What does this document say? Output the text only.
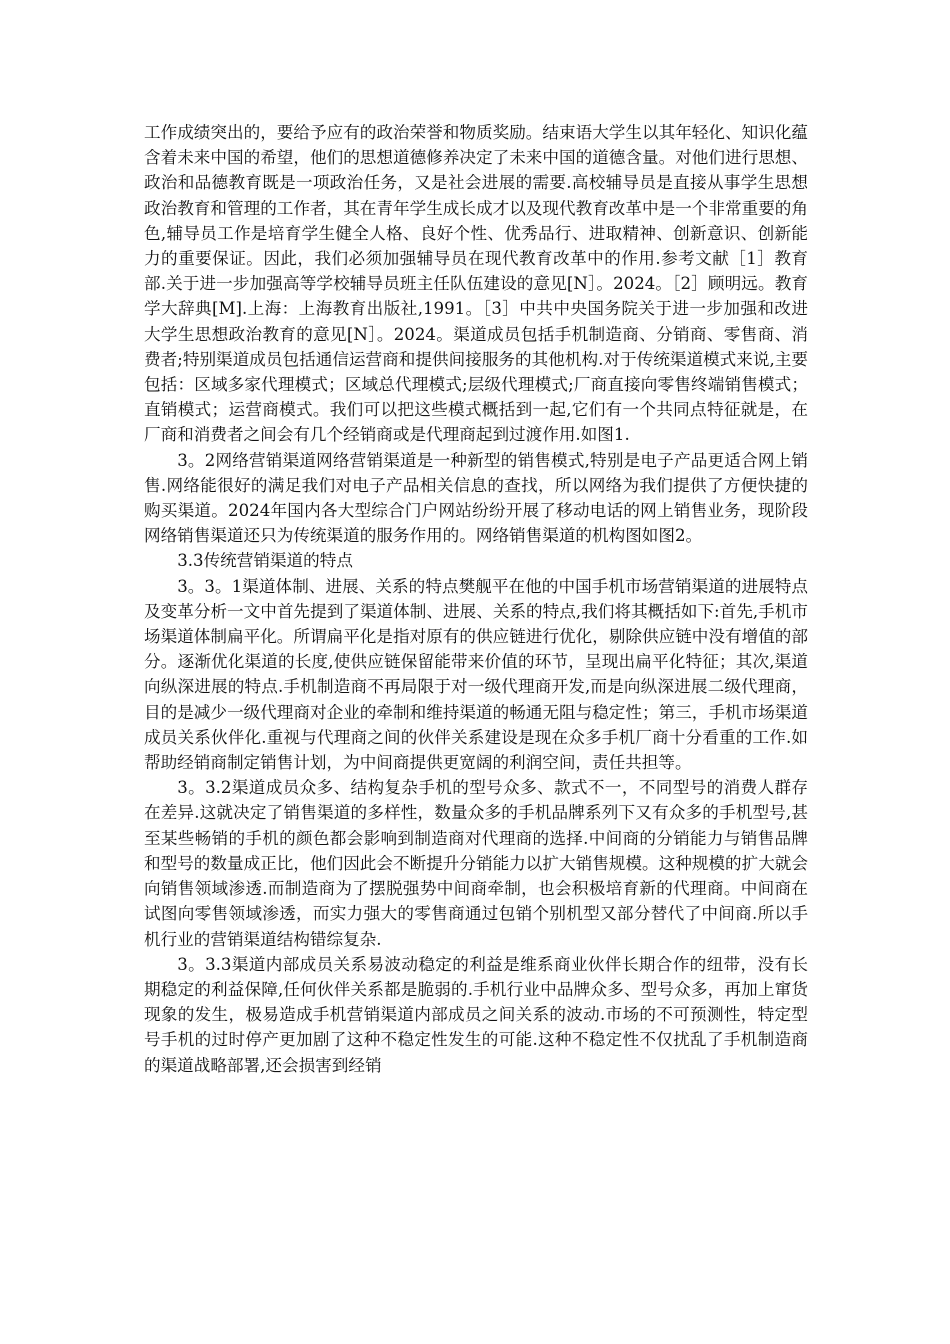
工作成绩突出的，要给予应有的政治荣誉和物质奖励。结束语大学生以其年轻化、知识化蕴含着未来中国的希望，他们的思想道德修养决定了未来中国的道德含量。对他们进行思想、政治和品德教育既是一项政治任务，又是社会进展的需要.高校辅导员是直接从事学生思想政治教育和管理的工作者，其在青年学生成长成才以及现代教育改革中是一个非常重要的角色,辅导员工作是培育学生健全人格、良好个性、优秀品行、进取精神、创新意识、创新能力的重要保证。因此，我们必须加强辅导员在现代教育改革中的作用.参考文献［1］教育部.关于进一步加强高等学校辅导员班主任队伍建设的意见[N］。2024。［2］顾明远。教育学大辞典[M].上海：上海教育出版社,1991。［3］中共中央国务院关于进一步加强和改进大学生思想政治教育的意见[N］。2024。渠道成员包括手机制造商、分销商、零售商、消费者;特别渠道成员包括通信运营商和提供间接服务的其他机构.对于传统渠道模式来说,主要包括：区域多家代理模式；区域总代理模式;层级代理模式;厂商直接向零售终端销售模式；直销模式；运营商模式。我们可以把这些模式概括到一起,它们有一个共同点特征就是，在厂商和消费者之间会有几个经销商或是代理商起到过渡作用.如图1.

3。2网络营销渠道网络营销渠道是一种新型的销售模式,特别是电子产品更适合网上销售.网络能很好的满足我们对电子产品相关信息的查找，所以网络为我们提供了方便快捷的购买渠道。2024年国内各大型综合门户网站纷纷开展了移动电话的网上销售业务，现阶段网络销售渠道还只为传统渠道的服务作用的。网络销售渠道的机构图如图2。

3.3传统营销渠道的特点

3。3。1渠道体制、进展、关系的特点樊舰平在他的中国手机市场营销渠道的进展特点及变革分析一文中首先提到了渠道体制、进展、关系的特点,我们将其概括如下:首先,手机市场渠道体制扁平化。所谓扁平化是指对原有的供应链进行优化，剔除供应链中没有增值的部分。逐渐优化渠道的长度,使供应链保留能带来价值的环节，呈现出扁平化特征；其次,渠道向纵深进展的特点.手机制造商不再局限于对一级代理商开发,而是向纵深进展二级代理商，目的是减少一级代理商对企业的牵制和维持渠道的畅通无阻与稳定性；第三，手机市场渠道成员关系伙伴化.重视与代理商之间的伙伴关系建设是现在众多手机厂商十分看重的工作.如帮助经销商制定销售计划，为中间商提供更宽阔的利润空间，责任共担等。

3。3.2渠道成员众多、结构复杂手机的型号众多、款式不一，不同型号的消费人群存在差异.这就决定了销售渠道的多样性，数量众多的手机品牌系列下又有众多的手机型号,甚至某些畅销的手机的颜色都会影响到制造商对代理商的选择.中间商的分销能力与销售品牌和型号的数量成正比，他们因此会不断提升分销能力以扩大销售规模。这种规模的扩大就会向销售领域渗透.而制造商为了摆脱强势中间商牵制，也会积极培育新的代理商。中间商在试图向零售领域渗透，而实力强大的零售商通过包销个别机型又部分替代了中间商.所以手机行业的营销渠道结构错综复杂.

3。3.3渠道内部成员关系易波动稳定的利益是维系商业伙伴长期合作的纽带，没有长期稳定的利益保障,任何伙伴关系都是脆弱的.手机行业中品牌众多、型号众多，再加上窜货现象的发生，极易造成手机营销渠道内部成员之间关系的波动.市场的不可预测性，特定型号手机的过时停产更加剧了这种不稳定性发生的可能.这种不稳定性不仅扰乱了手机制造商的渠道战略部署,还会损害到经销
